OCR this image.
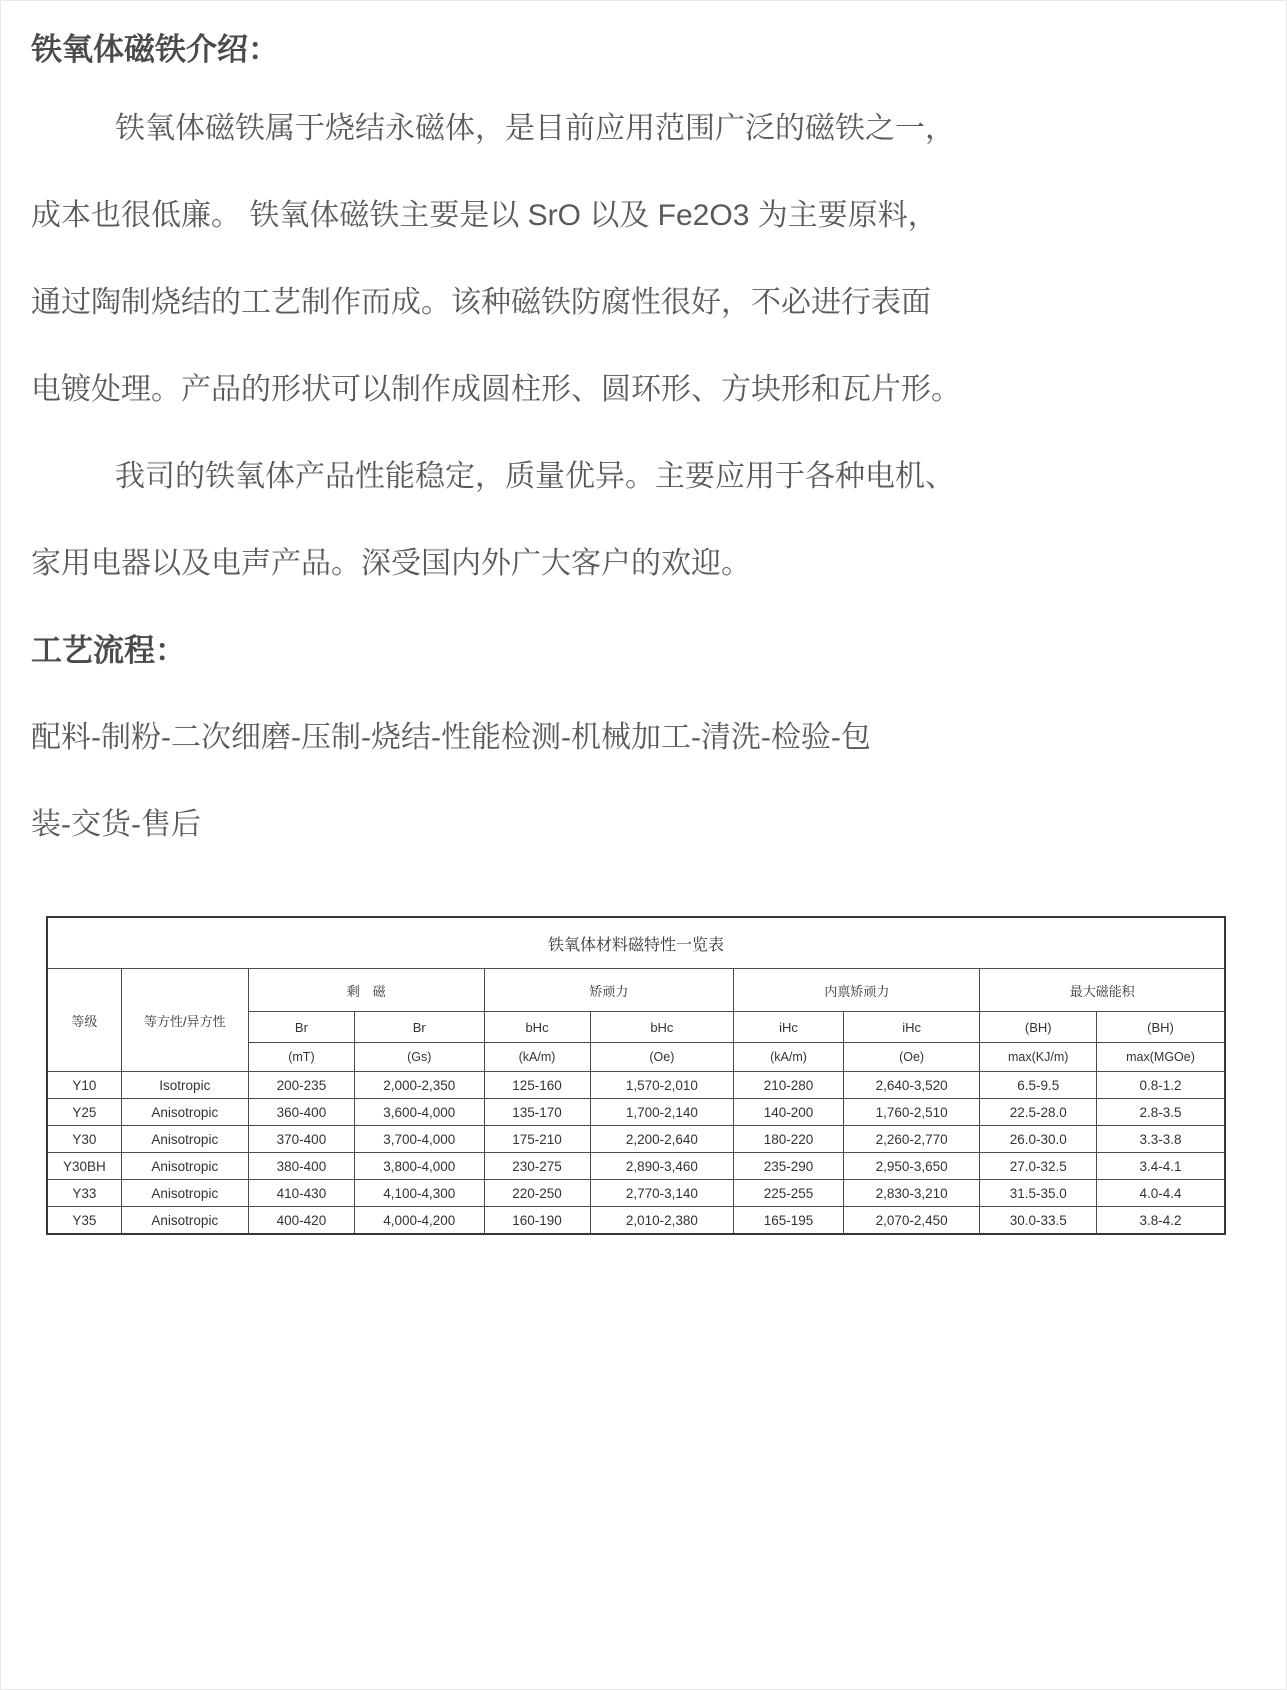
铁氧体磁铁介绍：
铁氧体磁铁属于烧结永磁体，是目前应用范围广泛的磁铁之一，
成本也很低廉。 铁氧体磁铁主要是以 SrO 以及 Fe2O3 为主要原料，
通过陶制烧结的工艺制作而成。该种磁铁防腐性很好，不必进行表面
电镀处理。产品的形状可以制作成圆柱形、圆环形、方块形和瓦片形。
我司的铁氧体产品性能稳定，质量优异。主要应用于各种电机、
家用电器以及电声产品。深受国内外广大客户的欢迎。
工艺流程：
配料-制粉-二次细磨-压制-烧结-性能检测-机械加工-清洗-检验-包
装-交货-售后
铁氧体材料磁特性一览表									
等级	等方性/异方性	剩　磁		矫顽力		内禀矫顽力		最大磁能积	
		Br	Br	bHc	bHc	iHc	iHc	(BH)	(BH)
		(mT)	(Gs)	(kA/m)	(Oe)	(kA/m)	(Oe)	max(KJ/m)	max(MGOe)
Y10	Isotropic	200-235	2,000-2,350	125-160	1,570-2,010	210-280	2,640-3,520	6.5-9.5	0.8-1.2
Y25	Anisotropic	360-400	3,600-4,000	135-170	1,700-2,140	140-200	1,760-2,510	22.5-28.0	2.8-3.5
Y30	Anisotropic	370-400	3,700-4,000	175-210	2,200-2,640	180-220	2,260-2,770	26.0-30.0	3.3-3.8
Y30BH	Anisotropic	380-400	3,800-4,000	230-275	2,890-3,460	235-290	2,950-3,650	27.0-32.5	3.4-4.1
Y33	Anisotropic	410-430	4,100-4,300	220-250	2,770-3,140	225-255	2,830-3,210	31.5-35.0	4.0-4.4
Y35	Anisotropic	400-420	4,000-4,200	160-190	2,010-2,380	165-195	2,070-2,450	30.0-33.5	3.8-4.2
